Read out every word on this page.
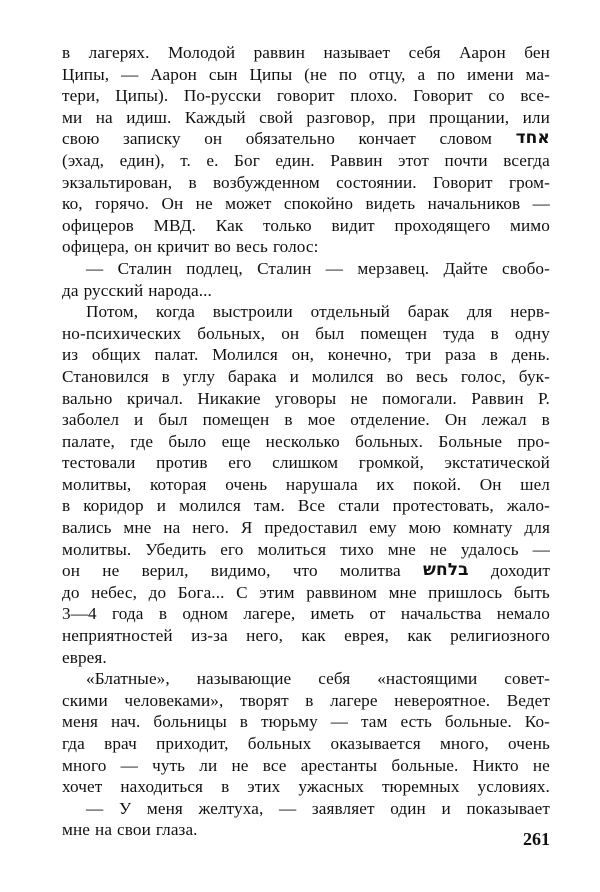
в лагерях. Молодой раввин называет себя Аарон бен
Ципы, — Аарон сын Ципы (не по отцу, а по имени ма-
тери, Ципы). По-русски говорит плохо. Говорит со все-
ми на идиш. Каждый свой разговор, при прощании, или
свою записку он обязательно кончает словом אחד
(эхад, един), т. е. Бог един. Раввин этот почти всегда
экзальтирован, в возбужденном состоянии. Говорит гром-
ко, горячо. Он не может спокойно видеть начальников —
офицеров МВД. Как только видит проходящего мимо
офицера, он кричит во весь голос:
— Сталин подлец, Сталин — мерзавец. Дайте свобо-
да русский народа...
Потом, когда выстроили отдельный барак для нерв-
но-психических больных, он был помещен туда в одну
из общих палат. Молился он, конечно, три раза в день.
Становился в углу барака и молился во весь голос, бук-
вально кричал. Никакие уговоры не помогали. Раввин Р.
заболел и был помещен в мое отделение. Он лежал в
палате, где было еще несколько больных. Больные про-
тестовали против его слишком громкой, экстатической
молитвы, которая очень нарушала их покой. Он шел
в коридор и молился там. Все стали протестовать, жало-
вались мне на него. Я предоставил ему мою комнату для
молитвы. Убедить его молиться тихо мне не удалось —
он не верил, видимо, что молитва בלחש доходит
до небес, до Бога... С этим раввином мне пришлось быть
3—4 года в одном лагере, иметь от начальства немало
неприятностей из-за него, как еврея, как религиозного
еврея.
«Блатные», называющие себя «настоящими совет-
скими человеками», творят в лагере невероятное. Ведет
меня нач. больницы в тюрьму — там есть больные. Ко-
гда врач приходит, больных оказывается много, очень
много — чуть ли не все арестанты больные. Никто не
хочет находиться в этих ужасных тюремных условиях.
— У меня желтуха, — заявляет один и показывает
мне на свои глаза.	261
